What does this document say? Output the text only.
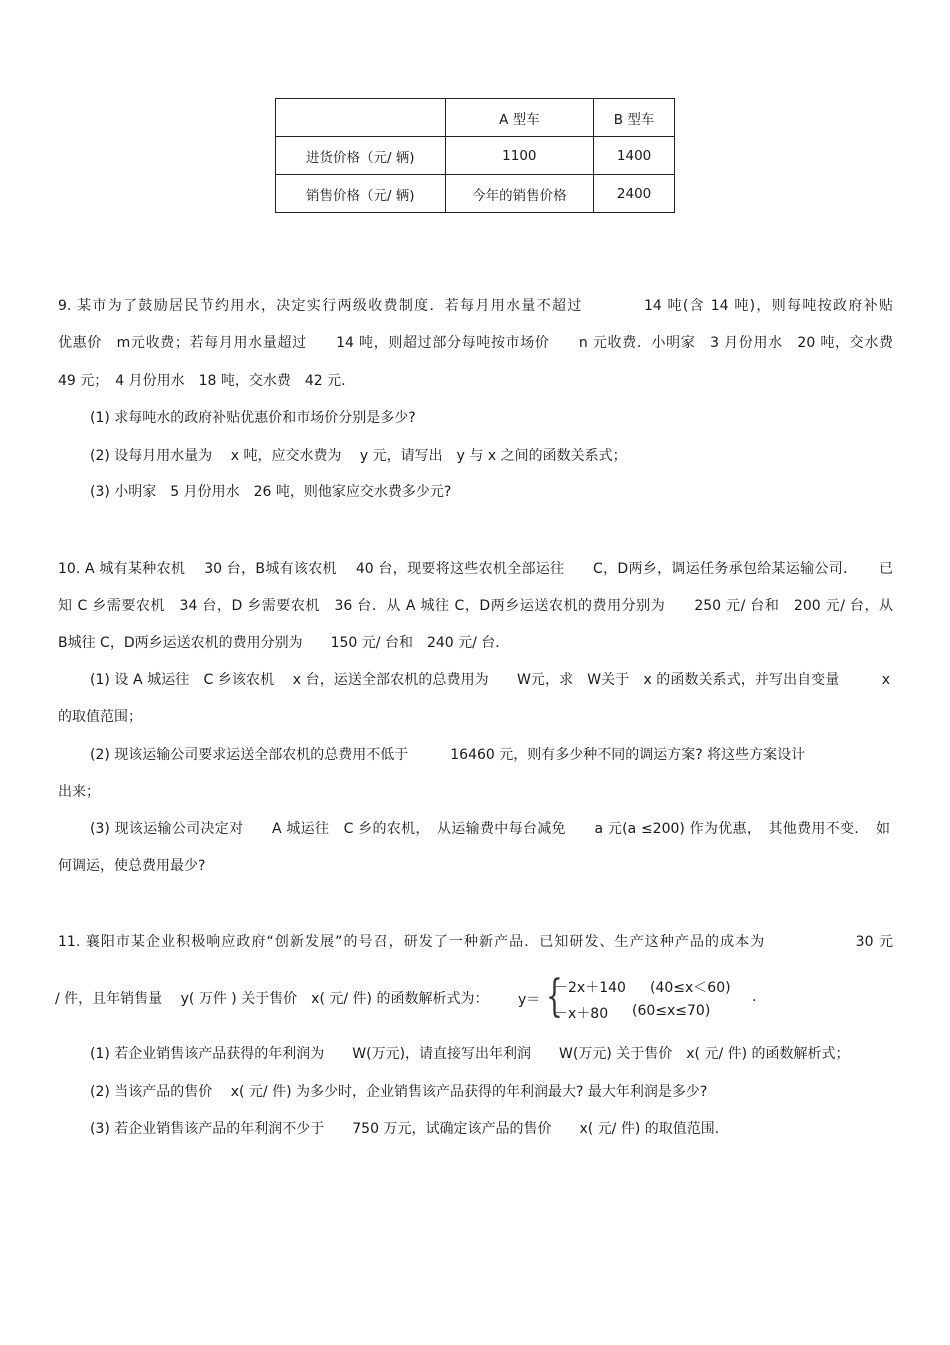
	A 型车	B 型车
进货价格（元/ 辆)	1100	1400
销售价格（元/ 辆)	今年的销售价格	2400
9. 某市为了鼓励居民节约用水，决定实行两级收费制度．若每月用水量不超过　　　　14 吨(含 14 吨)，则每吨按政府补贴
优惠价　m元收费；若每月用水量超过　　14 吨，则超过部分每吨按市场价　　n 元收费．小明家　3 月份用水　20 吨，交水费
49 元；　4 月份用水　18 吨，交水费　42 元．
(1) 求每吨水的政府补贴优惠价和市场价分别是多少?
(2) 设每月用水量为　 x 吨，应交水费为　 y 元，请写出　y 与 x 之间的函数关系式；
(3) 小明家　5 月份用水　26 吨，则他家应交水费多少元?
10. A 城有某种农机　 30 台，B城有该农机　 40 台，现要将这些农机全部运往　　C，D两乡，调运任务承包给某运输公司．　　已
知 C 乡需要农机　34 台，D 乡需要农机　36 台．从 A 城往 C，D两乡运送农机的费用分别为　　250 元/ 台和　200 元/ 台，从
B城往 C，D两乡运送农机的费用分别为　　150 元/ 台和　240 元/ 台．
(1) 设 A 城运往　C 乡该农机　 x 台，运送全部农机的总费用为　　W元，求　W关于　x 的函数关系式，并写出自变量　　　x
的取值范围；
(2) 现该运输公司要求运送全部农机的总费用不低于　　　16460 元，则有多少种不同的调运方案? 将这些方案设计
出来；
(3) 现该运输公司决定对　　A 城运往　C 乡的农机，　从运输费中每台减免　　a 元(a ≤200) 作为优惠，　其他费用不变．　如
何调运，使总费用最少?
11. 襄阳市某企业积极响应政府“创新发展”的号召，研发了一种新产品．已知研发、生产这种产品的成本为　　　　　　30 元
/ 件，且年销售量　 y( 万件 ) 关于售价　x( 元/ 件) 的函数解析式为：	y＝ {
－2x＋140 (40≤x＜60)
－x＋80 (60≤x≤70)
.
(1) 若企业销售该产品获得的年利润为　　W(万元)，请直接写出年利润　　W(万元) 关于售价　x( 元/ 件) 的函数解析式；
(2) 当该产品的售价　 x( 元/ 件) 为多少时，企业销售该产品获得的年利润最大? 最大年利润是多少?
(3) 若企业销售该产品的年利润不少于　　750 万元，试确定该产品的售价　　x( 元/ 件) 的取值范围.
